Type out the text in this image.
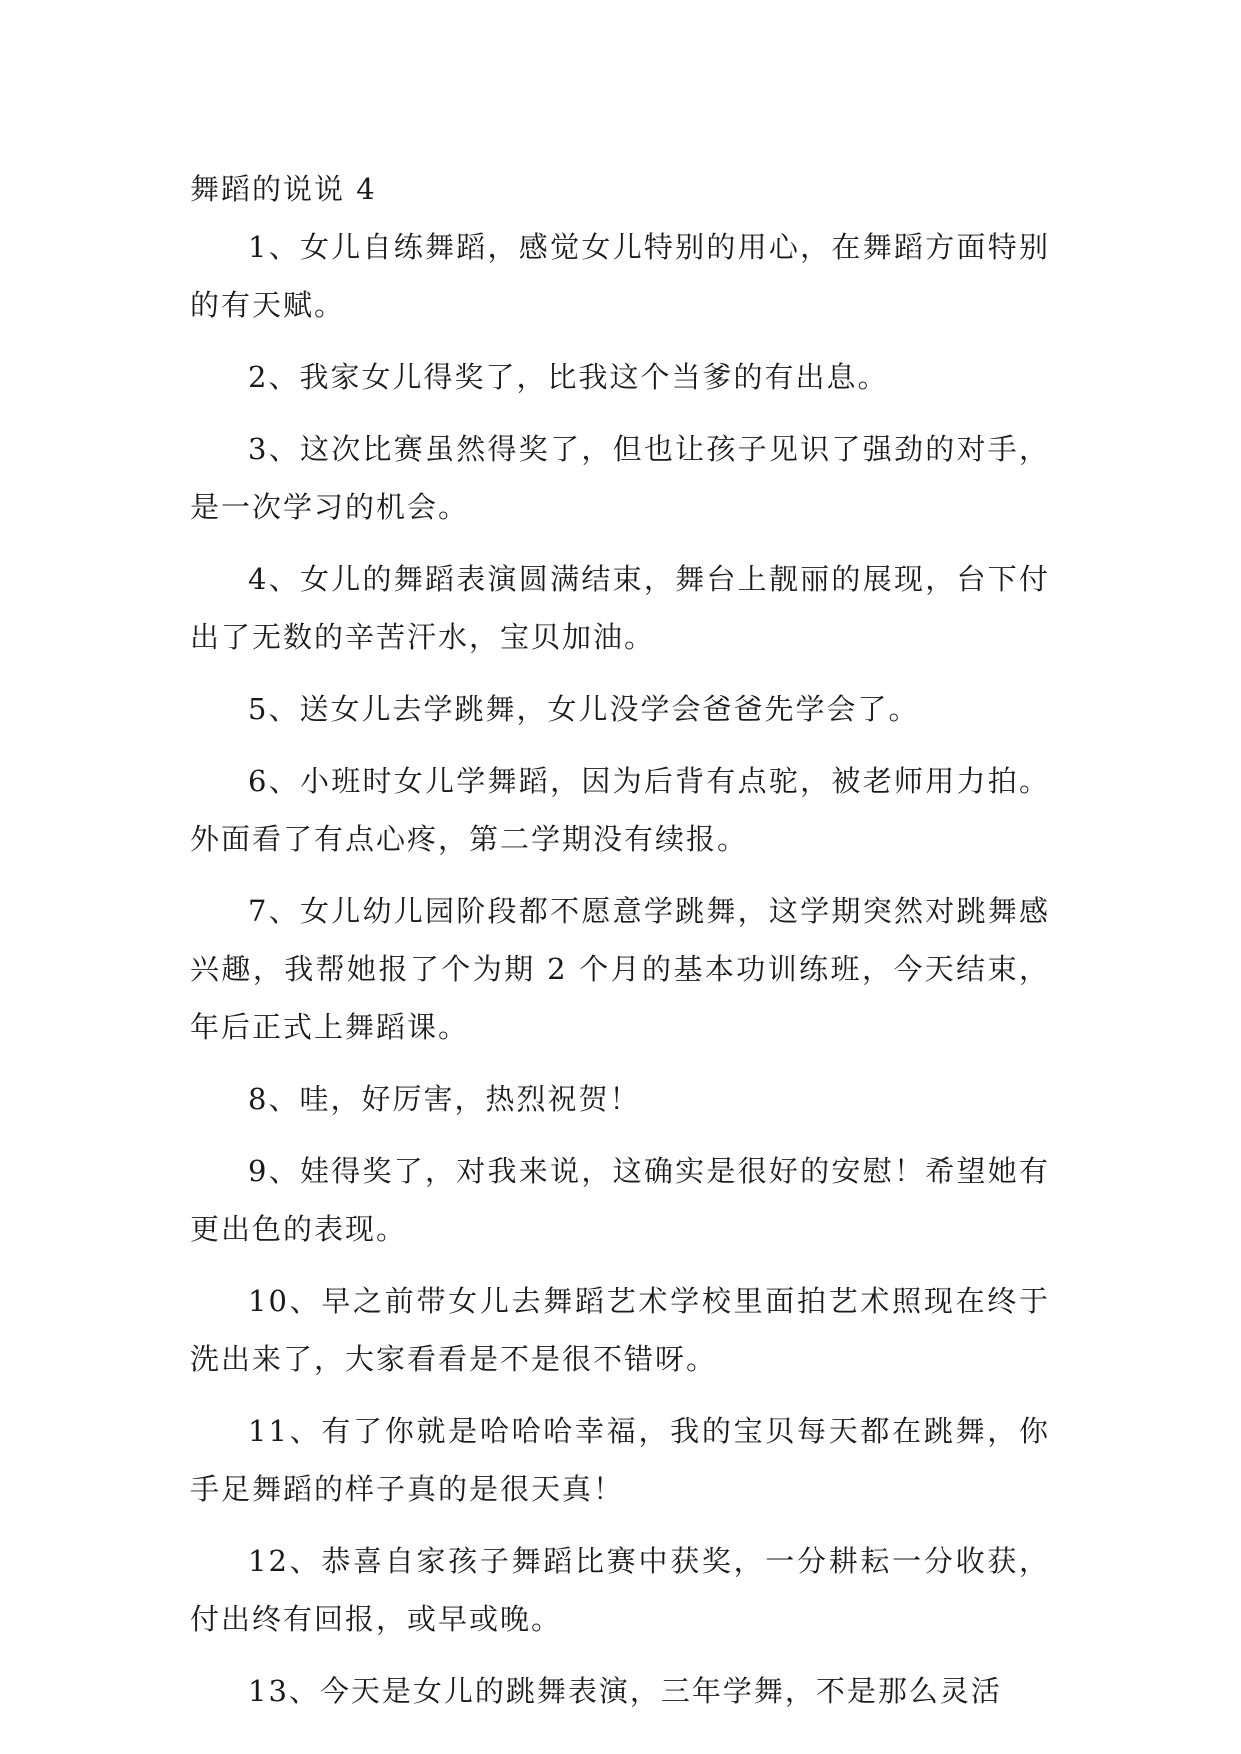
舞蹈的说说 4

1、女儿自练舞蹈，感觉女儿特别的用心，在舞蹈方面特别的有天赋。

2、我家女儿得奖了，比我这个当爹的有出息。

3、这次比赛虽然得奖了，但也让孩子见识了强劲的对手，是一次学习的机会。

4、女儿的舞蹈表演圆满结束，舞台上靓丽的展现，台下付出了无数的辛苦汗水，宝贝加油。

5、送女儿去学跳舞，女儿没学会爸爸先学会了。

6、小班时女儿学舞蹈，因为后背有点驼，被老师用力拍。外面看了有点心疼，第二学期没有续报。

7、女儿幼儿园阶段都不愿意学跳舞，这学期突然对跳舞感兴趣，我帮她报了个为期 2 个月的基本功训练班，今天结束，年后正式上舞蹈课。

8、哇，好厉害，热烈祝贺！

9、娃得奖了，对我来说，这确实是很好的安慰！希望她有更出色的表现。

10、早之前带女儿去舞蹈艺术学校里面拍艺术照现在终于洗出来了，大家看看是不是很不错呀。

11、有了你就是哈哈哈幸福，我的宝贝每天都在跳舞，你手足舞蹈的样子真的是很天真！

12、恭喜自家孩子舞蹈比赛中获奖，一分耕耘一分收获，付出终有回报，或早或晚。

13、今天是女儿的跳舞表演，三年学舞，不是那么灵活
